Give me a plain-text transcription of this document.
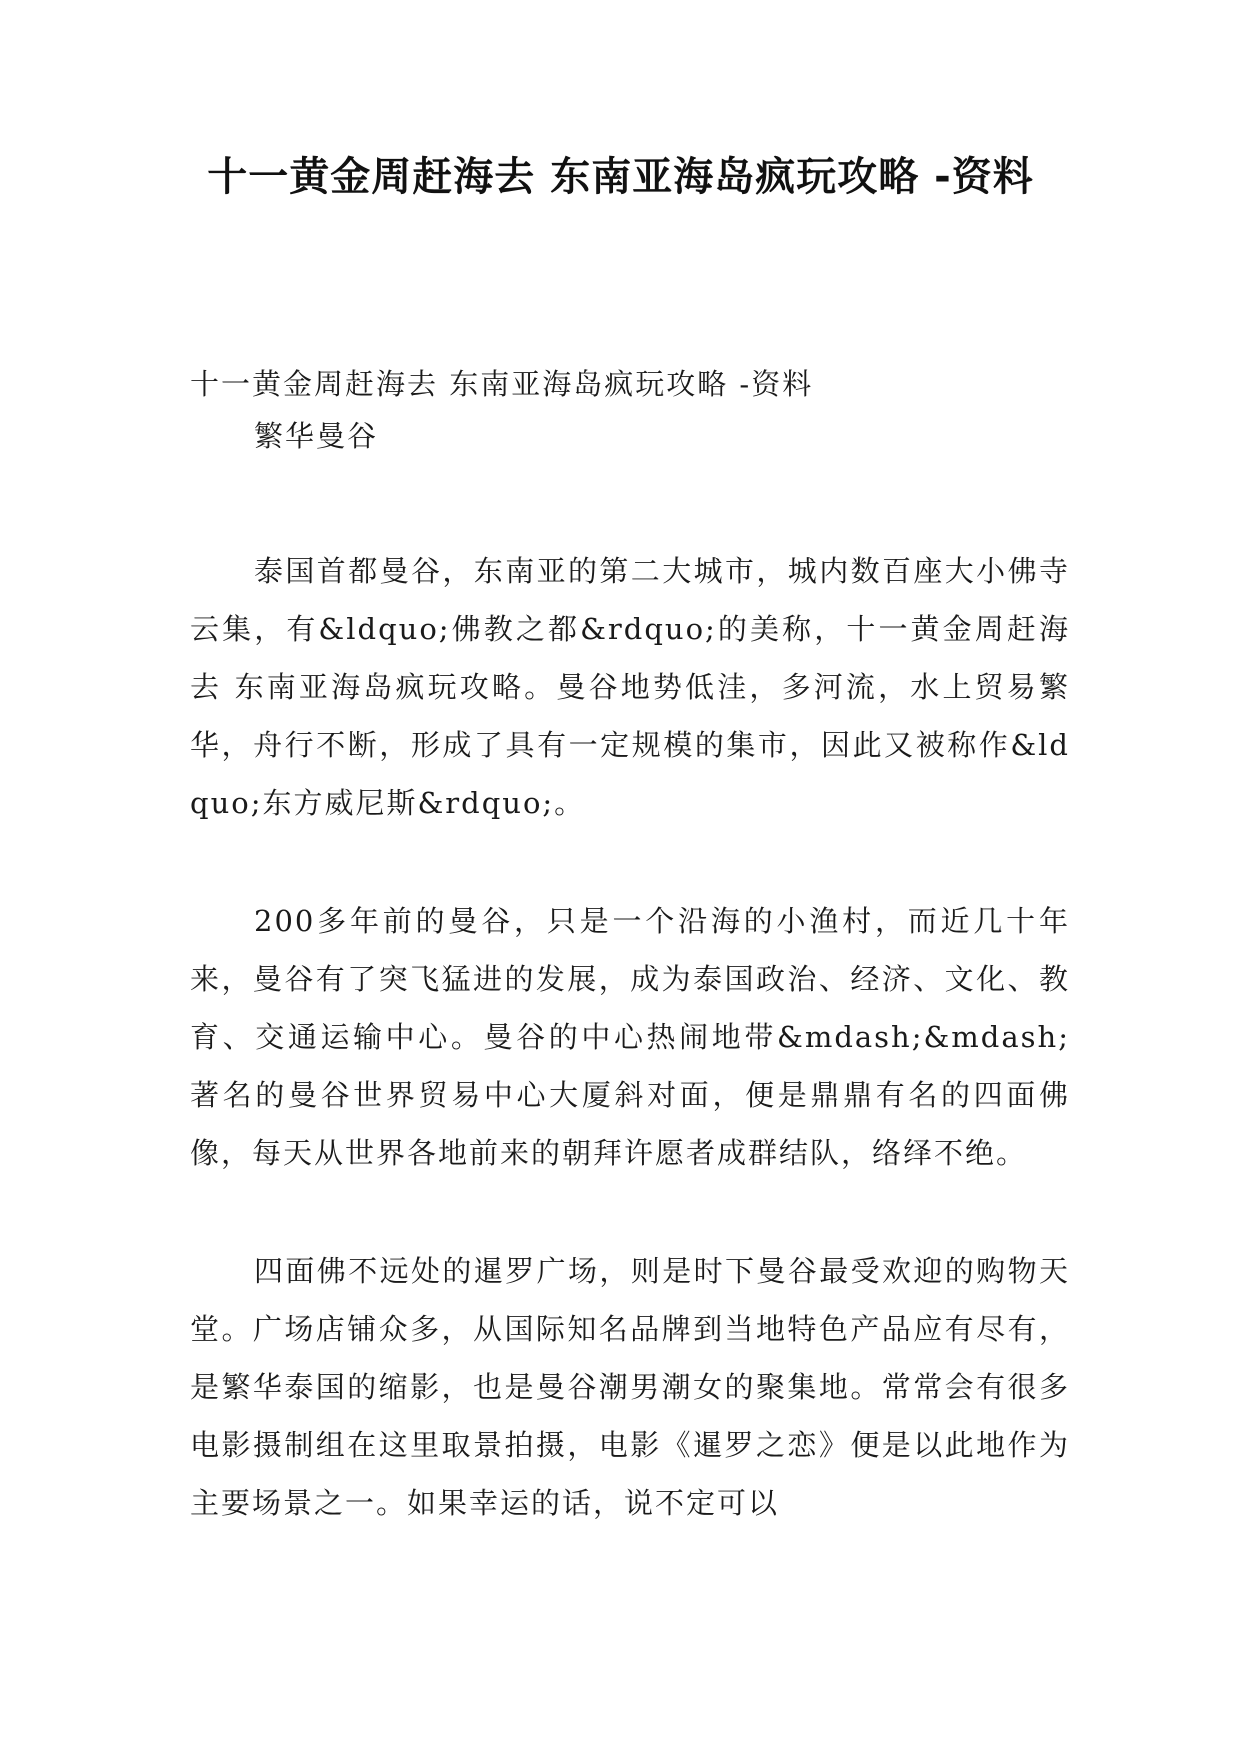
十一黄金周赶海去 东南亚海岛疯玩攻略 -资料

十一黄金周赶海去 东南亚海岛疯玩攻略 -资料

繁华曼谷

泰国首都曼谷，东南亚的第二大城市，城内数百座大小佛寺云集，有&ldquo;佛教之都&rdquo;的美称，十一黄金周赶海去 东南亚海岛疯玩攻略。曼谷地势低洼，多河流，水上贸易繁华，舟行不断，形成了具有一定规模的集市，因此又被称作&ldquo;东方威尼斯&rdquo;。

200多年前的曼谷，只是一个沿海的小渔村，而近几十年来，曼谷有了突飞猛进的发展，成为泰国政治、经济、文化、教育、交通运输中心。曼谷的中心热闹地带&mdash;&mdash;著名的曼谷世界贸易中心大厦斜对面，便是鼎鼎有名的四面佛像，每天从世界各地前来的朝拜许愿者成群结队，络绎不绝。

四面佛不远处的暹罗广场，则是时下曼谷最受欢迎的购物天堂。广场店铺众多，从国际知名品牌到当地特色产品应有尽有，是繁华泰国的缩影，也是曼谷潮男潮女的聚集地。常常会有很多电影摄制组在这里取景拍摄，电影《暹罗之恋》便是以此地作为主要场景之一。如果幸运的话，说不定可以
